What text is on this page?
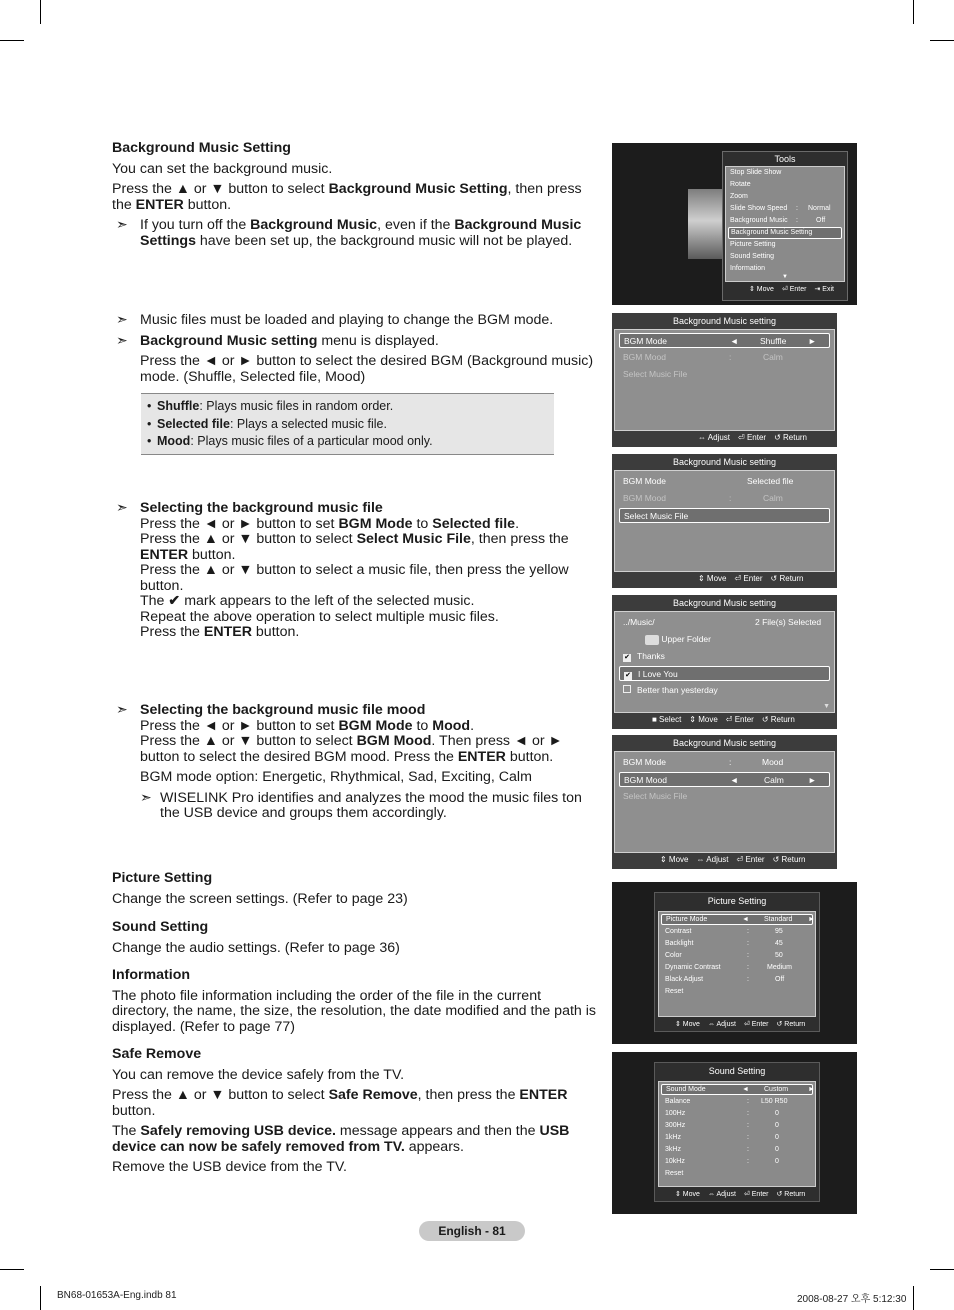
Background Music Setting
You can set the background music.
Press the ▲ or ▼ button to select Background Music Setting, then press the ENTER button.
➣ If you turn off the Background Music, even if the Background Music Settings have been set up, the background music will not be played.
➣ Music files must be loaded and playing to change the BGM mode.
➣ Background Music setting menu is displayed.
Press the ◄ or ► button to select the desired BGM (Background music) mode. (Shuffle, Selected file, Mood)
• Shuffle: Plays music files in random order.
• Selected file: Plays a selected music file.
• Mood: Plays music files of a particular mood only.
➣ Selecting the background music file
Press the ◄ or ► button to set BGM Mode to Selected file.
Press the ▲ or ▼ button to select Select Music File, then press the ENTER button.
Press the ▲ or ▼ button to select a music file, then press the yellow button.
The ✔ mark appears to the left of the selected music.
Repeat the above operation to select multiple music files.
Press the ENTER button.
➣ Selecting the background music file mood
Press the ◄ or ► button to set BGM Mode to Mood.
Press the ▲ or ▼ button to select BGM Mood. Then press ◄ or ► button to select the desired BGM mood. Press the ENTER button.
BGM mode option: Energetic, Rhythmical, Sad, Exciting, Calm
➣ WISELINK Pro identifies and analyzes the mood the music files ton the USB device and groups them accordingly.
Picture Setting
Change the screen settings. (Refer to page 23)
Sound Setting
Change the audio settings. (Refer to page 36)
Information
The photo file information including the order of the file in the current directory, the name, the size, the resolution, the date modified and the path is displayed. (Refer to page 77)
Safe Remove
You can remove the device safely from the TV.
Press the ▲ or ▼ button to select Safe Remove, then press the ENTER button.
The Safely removing USB device. message appears and then the USB device can now be safely removed from TV. appears.
Remove the USB device from the TV.
Tools
Stop Slide Show
Rotate
Zoom
Slide Show Speed : Normal
Background Music :	Off
Background Music Setting
Picture Setting
Sound Setting
Information
▼
⇕ Move ⏎ Enter ⇥ Exit
Background Music setting
BGM Mode	◄	Shuffle	►
BGM Mood	:	Calm
Select Music File
⇔ Adjust ⏎ Enter ↺ Return
Background Music setting
BGM Mode	Selected file
BGM Mood	:	Calm
Select Music File
⇕ Move ⏎ Enter ↺ Return
Background Music setting
../Music/	2 File(s) Selected
Upper Folder
✔ Thanks
✔ I Love You
Better than yesterday
▼
■ Select ⇕ Move ⏎ Enter ↺ Return
Background Music setting
BGM Mode	:	Mood
BGM Mood	◄	Calm	►
Select Music File
⇕ Move ⇔ Adjust ⏎ Enter ↺ Return
Picture Setting
Picture Mode	◄ Standard ►
Contrast	:	95
Backlight	:	45
Color	:	50
Dynamic Contrast	:	Medium
Black Adjust	:	Off
Reset
⇕ Move ⇔ Adjust ⏎ Enter ↺ Return
Sound Setting
Sound Mode	◄ Custom	►
Balance	: L50 R50
100Hz	:	0
300Hz	:	0
1kHz	:	0
3kHz	:	0
10kHz	:	0
Reset
⇕ Move ⇔ Adjust ⏎ Enter ↺ Return
English - 81
BN68-01653A-Eng.indb 81	2008-08-27 오후 5:12:30
